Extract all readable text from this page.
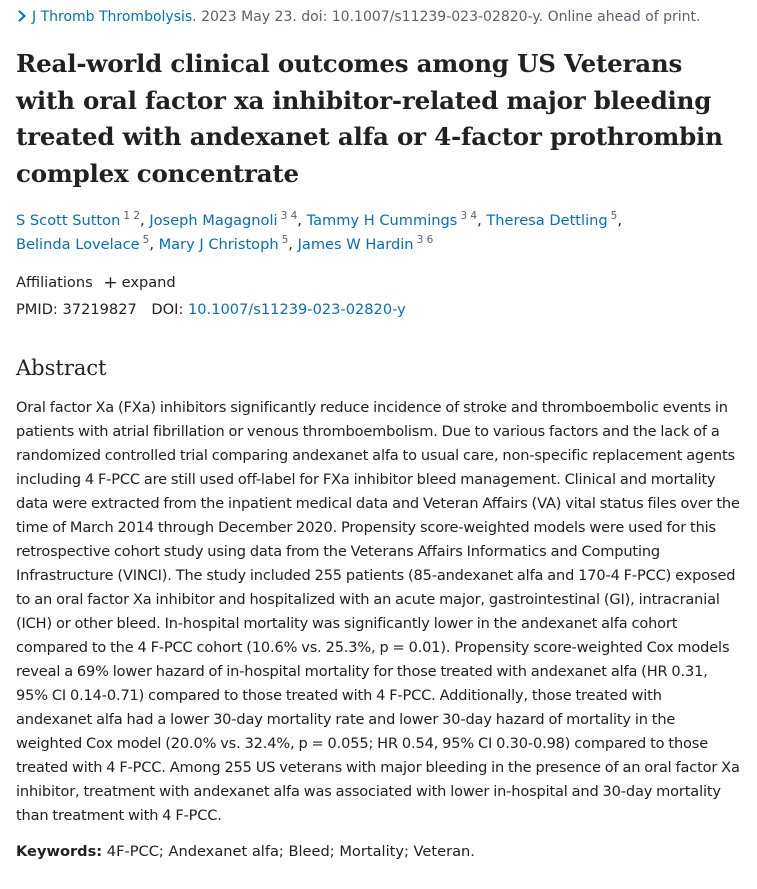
J Thromb Thrombolysis. 2023 May 23. doi: 10.1007/s11239-023-02820-y. Online ahead of print.
Real-world clinical outcomes among US Veterans with oral factor xa inhibitor-related major bleeding treated with andexanet alfa or 4-factor prothrombin complex concentrate
S Scott Sutton $^{1 2}$, Joseph Magagnoli $^{3 4}$, Tammy H Cummings $^{3 4}$, Theresa Dettling $^5$,
Belinda Lovelace $^5$, Mary J Christoph $^5$, James W Hardin $^{3 6}$
Affiliations + expand
PMID: 37219827 DOI: 10.1007/s11239-023-02820-y
Abstract

Oral factor Xa (FXa) inhibitors significantly reduce incidence of stroke and thromboembolic events in patients with atrial fibrillation or venous thromboembolism. Due to various factors and the lack of a randomized controlled trial comparing andexanet alfa to usual care, non-specific replacement agents including 4 F-PCC are still used off-label for FXa inhibitor bleed management. Clinical and mortality data were extracted from the inpatient medical data and Veteran Affairs (VA) vital status files over the time of March 2014 through December 2020. Propensity score-weighted models were used for this retrospective cohort study using data from the Veterans Affairs Informatics and Computing Infrastructure (VINCI). The study included 255 patients (85-andexanet alfa and 170-4 F-PCC) exposed to an oral factor Xa inhibitor and hospitalized with an acute major, gastrointestinal (GI), intracranial (ICH) or other bleed. In-hospital mortality was significantly lower in the andexanet alfa cohort compared to the 4 F-PCC cohort (10.6% vs. 25.3%, p = 0.01). Propensity score-weighted Cox models reveal a 69% lower hazard of in-hospital mortality for those treated with andexanet alfa (HR 0.31, 95% CI 0.14-0.71) compared to those treated with 4 F-PCC. Additionally, those treated with andexanet alfa had a lower 30-day mortality rate and lower 30-day hazard of mortality in the weighted Cox model (20.0% vs. 32.4%, p = 0.055; HR 0.54, 95% CI 0.30-0.98) compared to those treated with 4 F-PCC. Among 255 US veterans with major bleeding in the presence of an oral factor Xa inhibitor, treatment with andexanet alfa was associated with lower in-hospital and 30-day mortality than treatment with 4 F-PCC.

Keywords: 4F-PCC; Andexanet alfa; Bleed; Mortality; Veteran.
